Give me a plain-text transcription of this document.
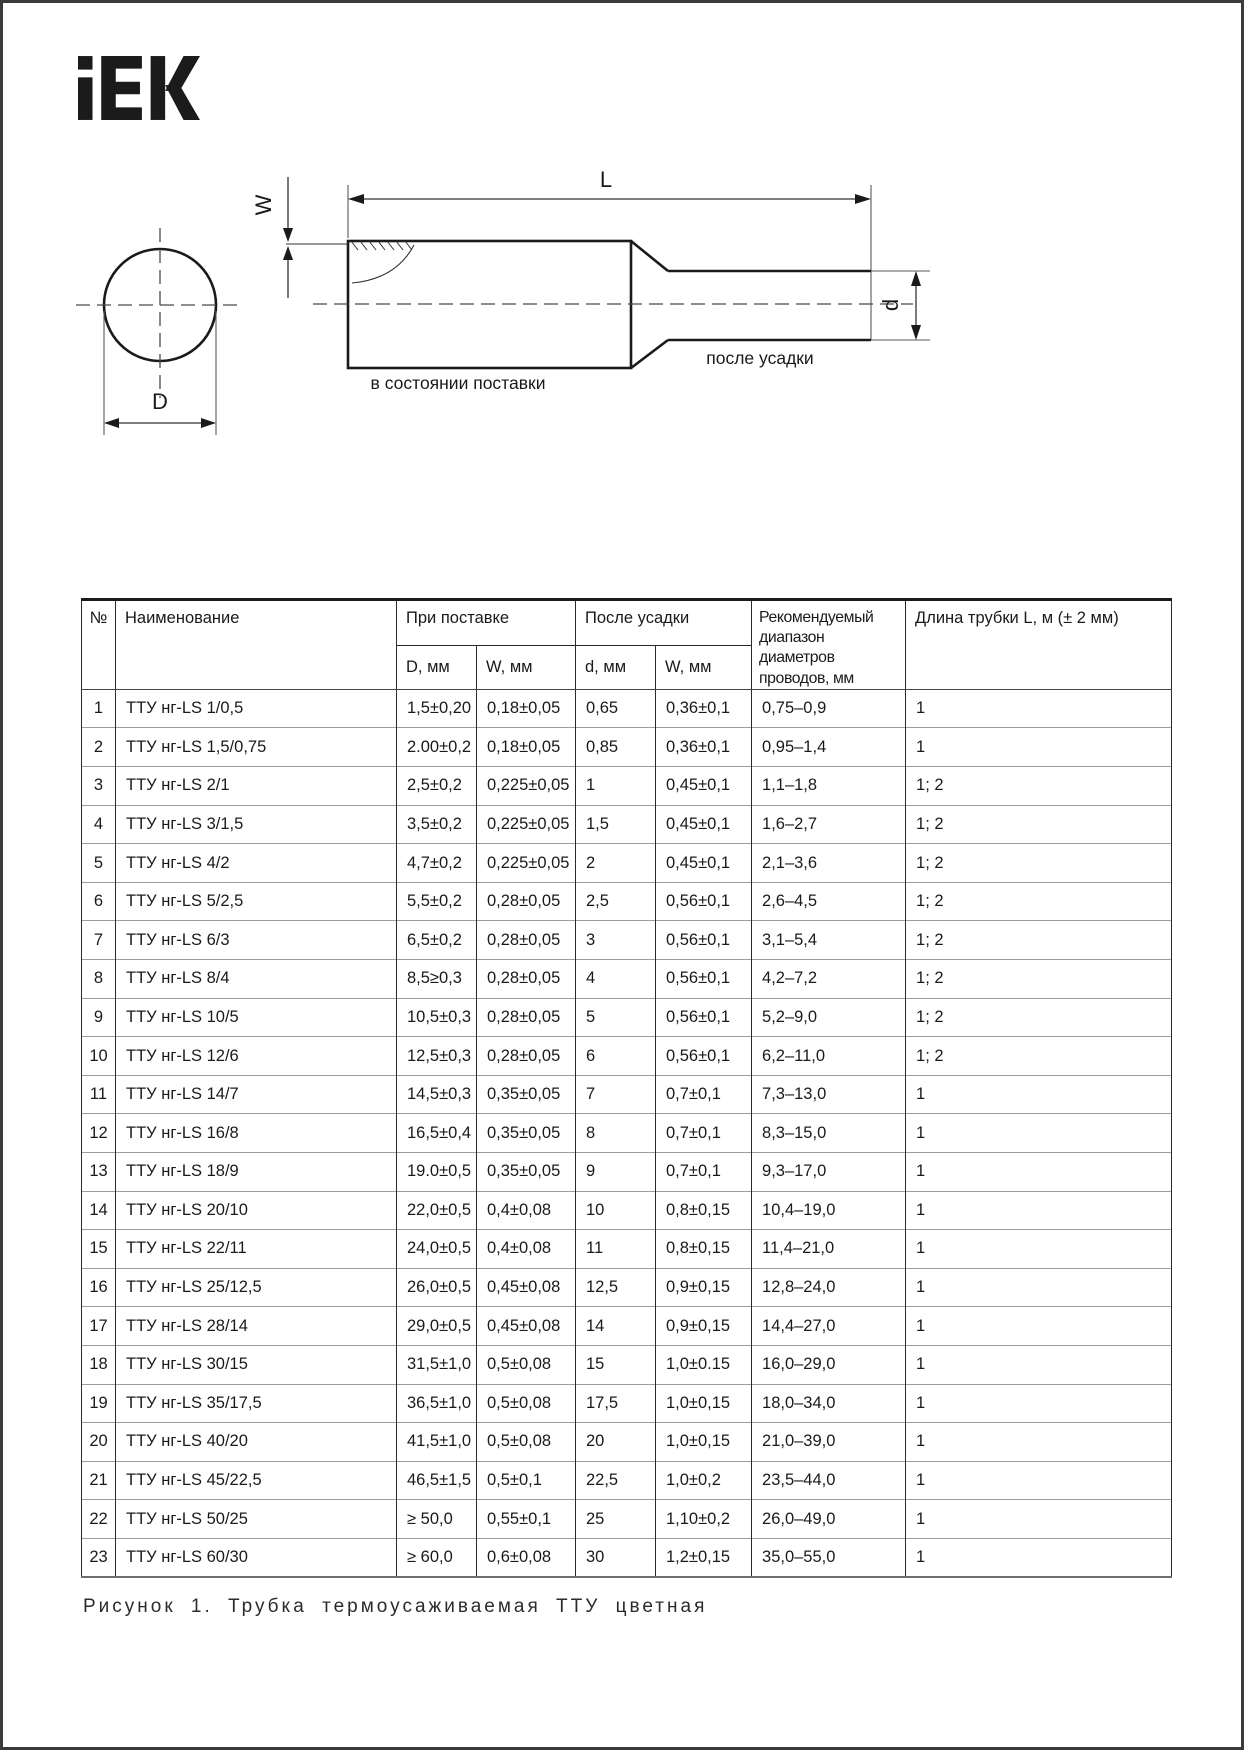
D
W
L
d
после усадки
в состоянии поставки
№	Наименование	При поставке		После усадки		Рекомендуемый диапазон диаметров проводов, мм	Длина трубки L, м (± 2 мм)
		D, мм	W, мм	d, мм	W, мм		
1	ТТУ нг-LS 1/0,5	1,5±0,20	0,18±0,05	0,65	0,36±0,1	0,75–0,9	1
2	ТТУ нг-LS 1,5/0,75	2.00±0,2	0,18±0,05	0,85	0,36±0,1	0,95–1,4	1
3	ТТУ нг-LS 2/1	2,5±0,2	0,225±0,05	1	0,45±0,1	1,1–1,8	1; 2
4	ТТУ нг-LS 3/1,5	3,5±0,2	0,225±0,05	1,5	0,45±0,1	1,6–2,7	1; 2
5	ТТУ нг-LS 4/2	4,7±0,2	0,225±0,05	2	0,45±0,1	2,1–3,6	1; 2
6	ТТУ нг-LS 5/2,5	5,5±0,2	0,28±0,05	2,5	0,56±0,1	2,6–4,5	1; 2
7	ТТУ нг-LS 6/3	6,5±0,2	0,28±0,05	3	0,56±0,1	3,1–5,4	1; 2
8	ТТУ нг-LS 8/4	8,5≥0,3	0,28±0,05	4	0,56±0,1	4,2–7,2	1; 2
9	ТТУ нг-LS 10/5	10,5±0,3	0,28±0,05	5	0,56±0,1	5,2–9,0	1; 2
10	ТТУ нг-LS 12/6	12,5±0,3	0,28±0,05	6	0,56±0,1	6,2–11,0	1; 2
11	ТТУ нг-LS 14/7	14,5±0,3	0,35±0,05	7	0,7±0,1	7,3–13,0	1
12	ТТУ нг-LS 16/8	16,5±0,4	0,35±0,05	8	0,7±0,1	8,3–15,0	1
13	ТТУ нг-LS 18/9	19.0±0,5	0,35±0,05	9	0,7±0,1	9,3–17,0	1
14	ТТУ нг-LS 20/10	22,0±0,5	0,4±0,08	10	0,8±0,15	10,4–19,0	1
15	ТТУ нг-LS 22/11	24,0±0,5	0,4±0,08	11	0,8±0,15	11,4–21,0	1
16	ТТУ нг-LS 25/12,5	26,0±0,5	0,45±0,08	12,5	0,9±0,15	12,8–24,0	1
17	ТТУ нг-LS 28/14	29,0±0,5	0,45±0,08	14	0,9±0,15	14,4–27,0	1
18	ТТУ нг-LS 30/15	31,5±1,0	0,5±0,08	15	1,0±0.15	16,0–29,0	1
19	ТТУ нг-LS 35/17,5	36,5±1,0	0,5±0,08	17,5	1,0±0,15	18,0–34,0	1
20	ТТУ нг-LS 40/20	41,5±1,0	0,5±0,08	20	1,0±0,15	21,0–39,0	1
21	ТТУ нг-LS 45/22,5	46,5±1,5	0,5±0,1	22,5	1,0±0,2	23,5–44,0	1
22	ТТУ нг-LS 50/25	≥ 50,0	0,55±0,1	25	1,10±0,2	26,0–49,0	1
23	ТТУ нг-LS 60/30	≥ 60,0	0,6±0,08	30	1,2±0,15	35,0–55,0	1
Рисунок 1. Трубка термоусаживаемая ТТУ цветная
